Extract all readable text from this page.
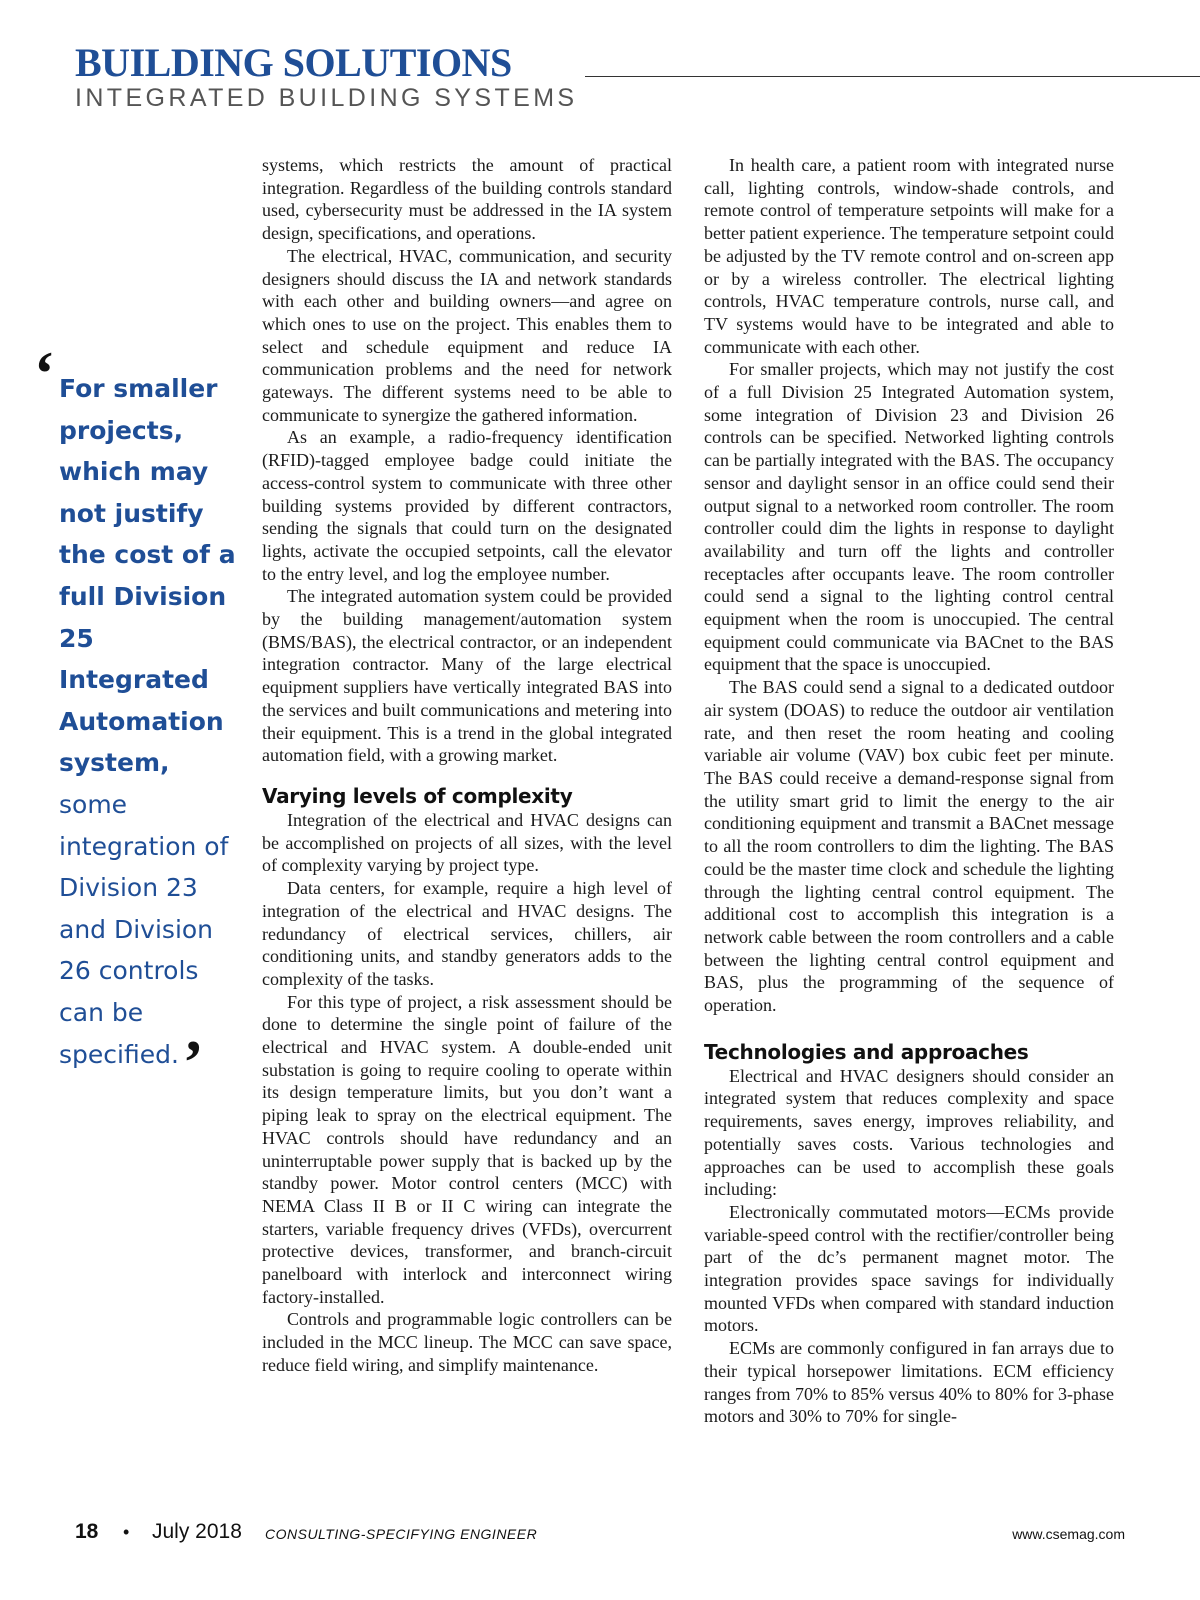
BUILDING SOLUTIONS
INTEGRATED BUILDING SYSTEMS
‘ For smaller projects, which may not justify the cost of a full Division 25 Integrated Automation system, some integration of Division 23 and Division 26 controls can be specified.’

systems, which restricts the amount of practical integration. Regardless of the building controls standard used, cybersecurity must be addressed in the IA system design, specifications, and operations.

The electrical, HVAC, communication, and security designers should discuss the IA and network standards with each other and building owners—and agree on which ones to use on the project. This enables them to select and schedule equipment and reduce IA communication problems and the need for network gateways. The different systems need to be able to communicate to synergize the gathered information.

As an example, a radio-frequency identification (RFID)-tagged employee badge could initiate the access-control system to communicate with three other building systems provided by different contractors, sending the signals that could turn on the designated lights, activate the occupied setpoints, call the elevator to the entry level, and log the employee number.

The integrated automation system could be provided by the building management/automation system (BMS/BAS), the electrical contractor, or an independent integration contractor. Many of the large electrical equipment suppliers have vertically integrated BAS into the services and built communications and metering into their equipment. This is a trend in the global integrated automation field, with a growing market.

Varying levels of complexity

Integration of the electrical and HVAC designs can be accomplished on projects of all sizes, with the level of complexity varying by project type.

Data centers, for example, require a high level of integration of the electrical and HVAC designs. The redundancy of electrical services, chillers, air conditioning units, and standby generators adds to the complexity of the tasks.

For this type of project, a risk assessment should be done to determine the single point of failure of the electrical and HVAC system. A double-ended unit substation is going to require cooling to operate within its design temperature limits, but you don’t want a piping leak to spray on the electrical equipment. The HVAC controls should have redundancy and an uninterruptable power supply that is backed up by the standby power. Motor control centers (MCC) with NEMA Class II B or II C wiring can integrate the starters, variable frequency drives (VFDs), overcurrent protective devices, transformer, and branch-circuit panelboard with interlock and interconnect wiring factory-installed.

Controls and programmable logic controllers can be included in the MCC lineup. The MCC can save space, reduce field wiring, and simplify maintenance.

In health care, a patient room with integrated nurse call, lighting controls, window-shade controls, and remote control of temperature setpoints will make for a better patient experience. The temperature setpoint could be adjusted by the TV remote control and on-screen app or by a wireless controller. The electrical lighting controls, HVAC temperature controls, nurse call, and TV systems would have to be integrated and able to communicate with each other.

For smaller projects, which may not justify the cost of a full Division 25 Integrated Automation system, some integration of Division 23 and Division 26 controls can be specified. Networked lighting controls can be partially integrated with the BAS. The occupancy sensor and daylight sensor in an office could send their output signal to a networked room controller. The room controller could dim the lights in response to daylight availability and turn off the lights and controller receptacles after occupants leave. The room controller could send a signal to the lighting control central equipment when the room is unoccupied. The central equipment could communicate via BACnet to the BAS equipment that the space is unoccupied.

The BAS could send a signal to a dedicated outdoor air system (DOAS) to reduce the outdoor air ventilation rate, and then reset the room heating and cooling variable air volume (VAV) box cubic feet per minute. The BAS could receive a demand-response signal from the utility smart grid to limit the energy to the air conditioning equipment and transmit a BACnet message to all the room controllers to dim the lighting. The BAS could be the master time clock and schedule the lighting through the lighting central control equipment. The additional cost to accomplish this integration is a network cable between the room controllers and a cable between the lighting central control equipment and BAS, plus the programming of the sequence of operation.

Technologies and approaches

Electrical and HVAC designers should consider an integrated system that reduces complexity and space requirements, saves energy, improves reliability, and potentially saves costs. Various technologies and approaches can be used to accomplish these goals including:

Electronically commutated motors—ECMs provide variable-speed control with the rectifier/controller being part of the dc’s permanent magnet motor. The integration provides space savings for individually mounted VFDs when compared with standard induction motors.

ECMs are commonly configured in fan arrays due to their typical horsepower limitations. ECM efficiency ranges from 70% to 85% versus 40% to 80% for 3-phase motors and 30% to 70% for single-

18 • July 2018 CONSULTING-SPECIFYING ENGINEER	www.csemag.com
